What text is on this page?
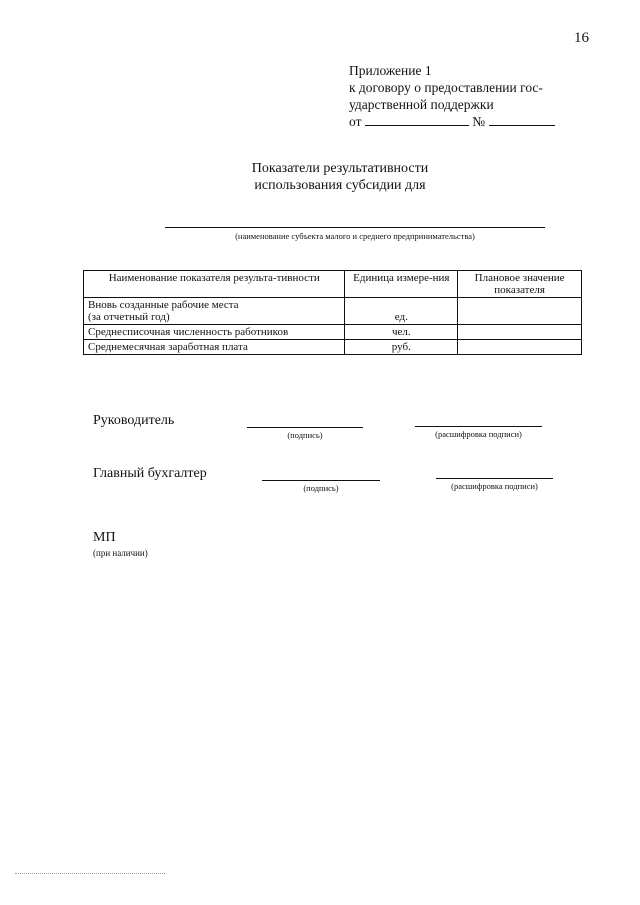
16
Приложение 1
к договору о предоставлении гос-
ударственной поддержки
от	№
Показатели результативности
использования субсидии для
(наименование субъекта малого и среднего предпринимательства)
Наименование показателя результа-тивности	Единица измере-ния	Плановое значение показателя

Вновь созданные рабочие места
(за отчетный год)	ед.	
Среднесписочная численность работников	чел.	
Среднемесячная заработная плата	руб.	
Руководитель
(подпись)	(расшифровка подписи)
Главный бухгалтер
(подпись)	(расшифровка подписи)
МП
(при наличии)
